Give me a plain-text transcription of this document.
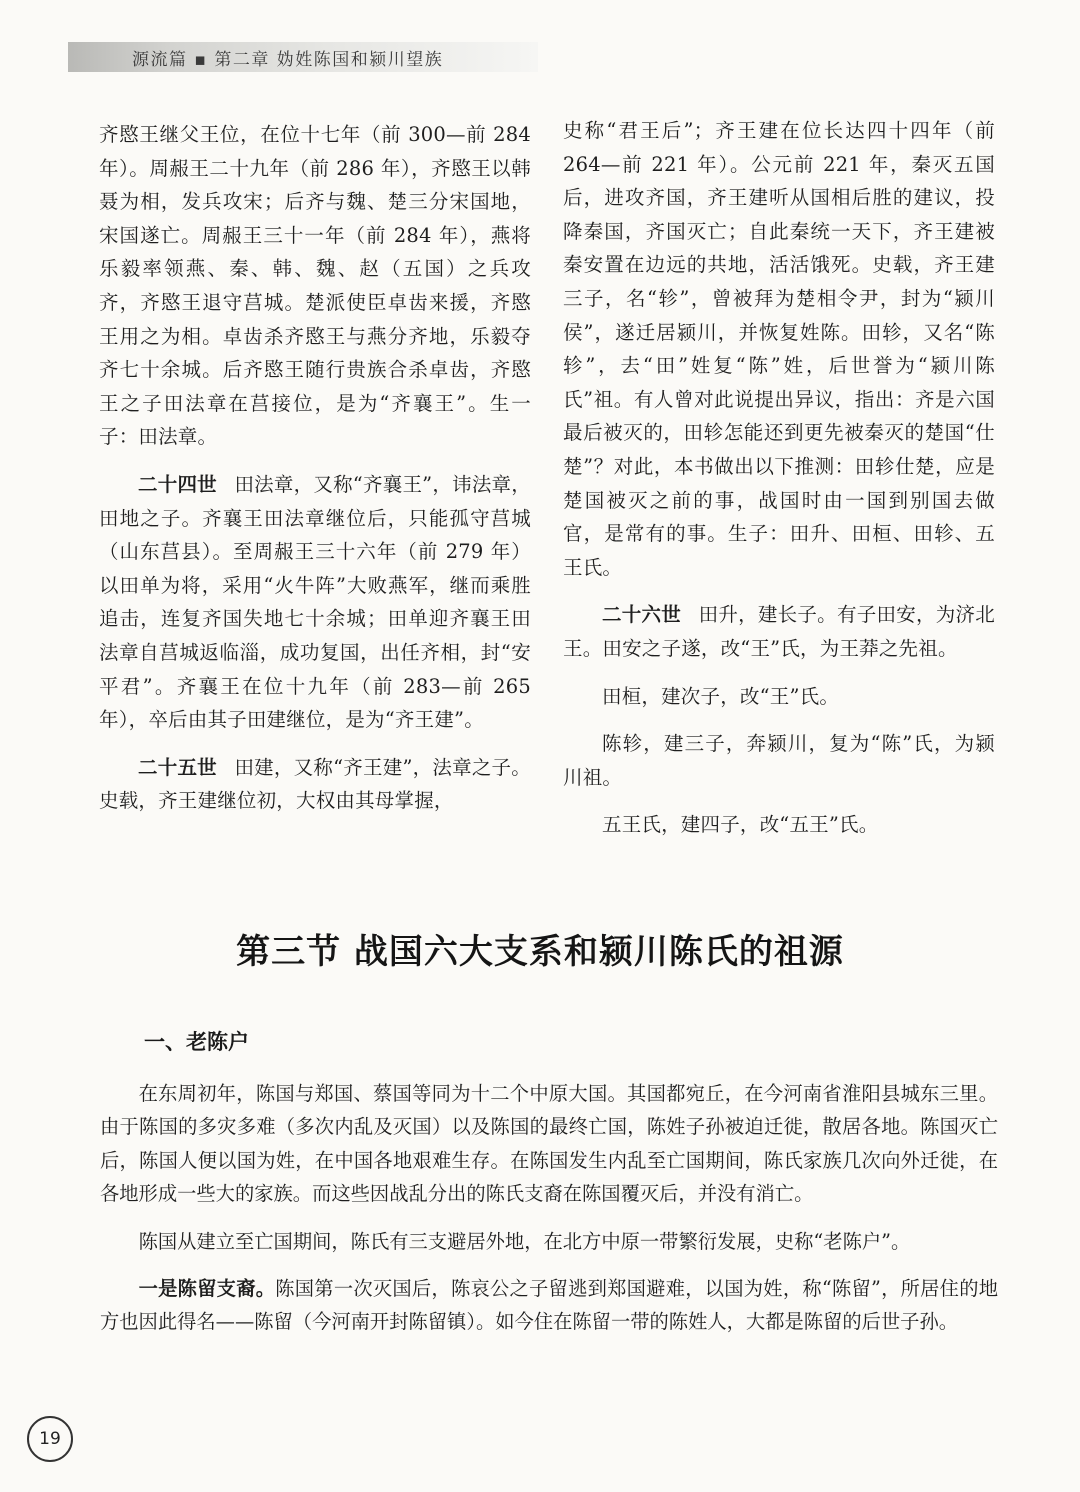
源流篇 ▪ 第二章 妫姓陈国和颍川望族

齐愍王继父王位，在位十七年（前 300—前 284 年）。周赧王二十九年（前 286 年），齐愍王以韩聂为相，发兵攻宋；后齐与魏、楚三分宋国地，宋国遂亡。周赧王三十一年（前 284 年），燕将乐毅率领燕、秦、韩、魏、赵（五国）之兵攻齐，齐愍王退守莒城。楚派使臣卓齿来援，齐愍王用之为相。卓齿杀齐愍王与燕分齐地，乐毅夺齐七十余城。后齐愍王随行贵族合杀卓齿，齐愍王之子田法章在莒接位，是为“齐襄王”。生一子：田法章。

二十四世 田法章，又称“齐襄王”，讳法章，田地之子。齐襄王田法章继位后，只能孤守莒城（山东莒县）。至周赧王三十六年（前 279 年）以田单为将，采用“火牛阵”大败燕军，继而乘胜追击，连复齐国失地七十余城；田单迎齐襄王田法章自莒城返临淄，成功复国，出任齐相，封“安平君”。齐襄王在位十九年（前 283—前 265 年），卒后由其子田建继位，是为“齐王建”。

二十五世 田建，又称“齐王建”，法章之子。史载，齐王建继位初，大权由其母掌握，

史称“君王后”；齐王建在位长达四十四年（前 264—前 221 年）。公元前 221 年，秦灭五国后，进攻齐国，齐王建听从国相后胜的建议，投降秦国，齐国灭亡；自此秦统一天下，齐王建被秦安置在边远的共地，活活饿死。史载，齐王建三子，名“轸”，曾被拜为楚相令尹，封为“颍川侯”，遂迁居颍川，并恢复姓陈。田轸，又名“陈轸”，去“田”姓复“陈”姓，后世誉为“颍川陈氏”祖。有人曾对此说提出异议，指出：齐是六国最后被灭的，田轸怎能还到更先被秦灭的楚国“仕楚”？对此，本书做出以下推测：田轸仕楚，应是楚国被灭之前的事，战国时由一国到别国去做官，是常有的事。生子：田升、田桓、田轸、五王氏。

二十六世 田升，建长子。有子田安，为济北王。田安之子遂，改“王”氏，为王莽之先祖。

田桓，建次子，改“王”氏。

陈轸，建三子，奔颍川，复为“陈”氏，为颍川祖。

五王氏，建四子，改“五王”氏。

第三节 战国六大支系和颍川陈氏的祖源
一、老陈户

在东周初年，陈国与郑国、蔡国等同为十二个中原大国。其国都宛丘，在今河南省淮阳县城东三里。由于陈国的多灾多难（多次内乱及灭国）以及陈国的最终亡国，陈姓子孙被迫迁徙，散居各地。陈国灭亡后，陈国人便以国为姓，在中国各地艰难生存。在陈国发生内乱至亡国期间，陈氏家族几次向外迁徙，在各地形成一些大的家族。而这些因战乱分出的陈氏支裔在陈国覆灭后，并没有消亡。

陈国从建立至亡国期间，陈氏有三支避居外地，在北方中原一带繁衍发展，史称“老陈户”。

一是陈留支裔。陈国第一次灭国后，陈哀公之子留逃到郑国避难，以国为姓，称“陈留”，所居住的地方也因此得名——陈留（今河南开封陈留镇）。如今住在陈留一带的陈姓人，大都是陈留的后世子孙。

19
